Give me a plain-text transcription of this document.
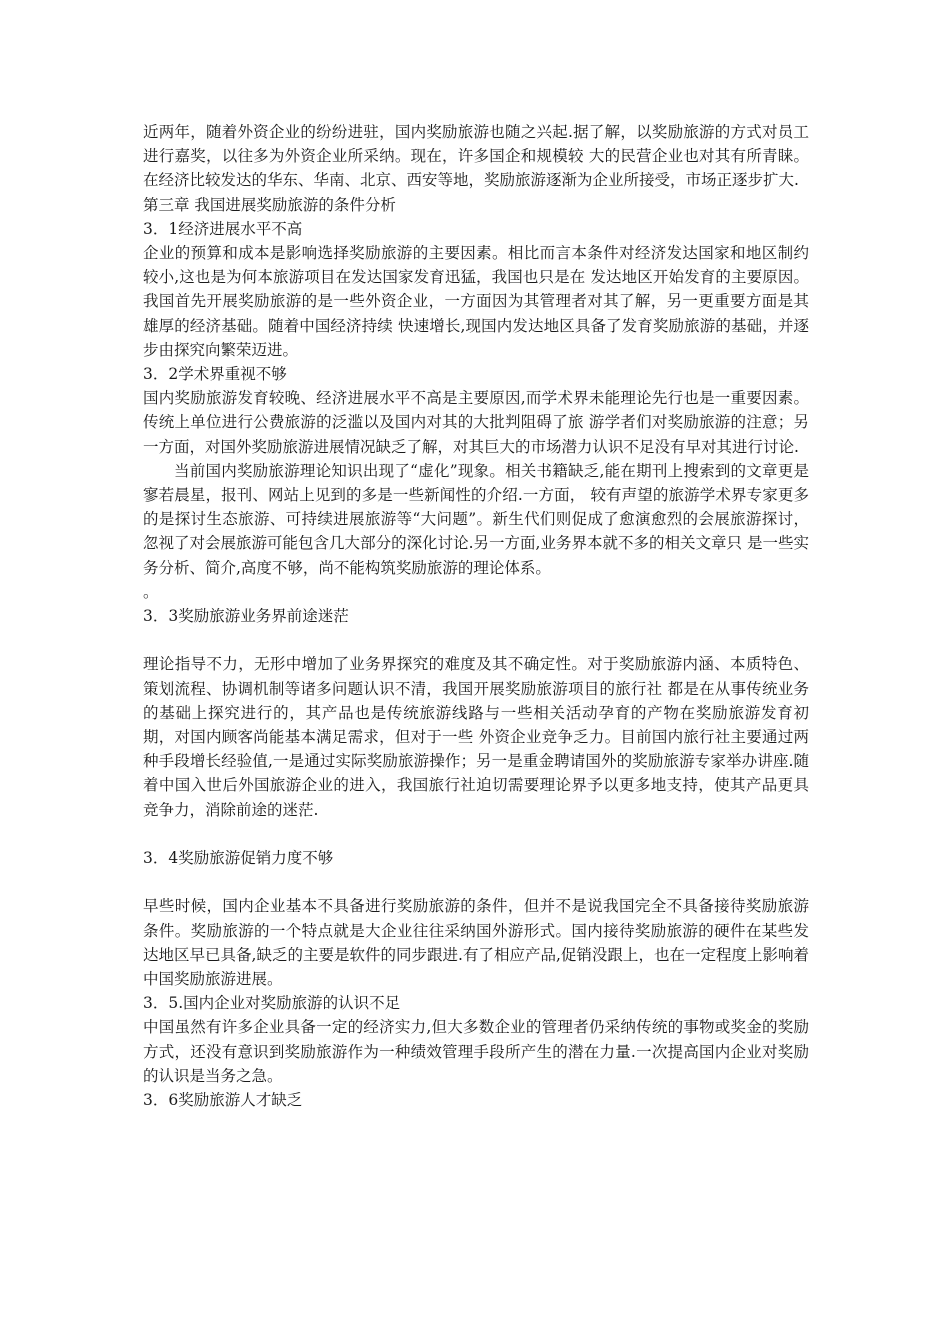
近两年，随着外资企业的纷纷进驻，国内奖励旅游也随之兴起.据了解，以奖励旅游的方式对员工进行嘉奖，以往多为外资企业所采纳。现在，许多国企和规模较 大的民营企业也对其有所青睐。在经济比较发达的华东、华南、北京、西安等地，奖励旅游逐渐为企业所接受，市场正逐步扩大.

第三章 我国进展奖励旅游的条件分析

3．1经济进展水平不高

企业的预算和成本是影响选择奖励旅游的主要因素。相比而言本条件对经济发达国家和地区制约较小,这也是为何本旅游项目在发达国家发育迅猛，我国也只是在 发达地区开始发育的主要原因。我国首先开展奖励旅游的是一些外资企业，一方面因为其管理者对其了解，另一更重要方面是其雄厚的经济基础。随着中国经济持续 快速增长,现国内发达地区具备了发育奖励旅游的基础，并逐步由探究向繁荣迈进。

3．2学术界重视不够

国内奖励旅游发育较晚、经济进展水平不高是主要原因,而学术界未能理论先行也是一重要因素。传统上单位进行公费旅游的泛滥以及国内对其的大批判阻碍了旅 游学者们对奖励旅游的注意；另一方面，对国外奖励旅游进展情况缺乏了解，对其巨大的市场潜力认识不足没有早对其进行讨论.

当前国内奖励旅游理论知识出现了“虚化”现象。相关书籍缺乏,能在期刊上搜索到的文章更是寥若晨星，报刊、网站上见到的多是一些新闻性的介绍.一方面， 较有声望的旅游学术界专家更多的是探讨生态旅游、可持续进展旅游等“大问题”。新生代们则促成了愈演愈烈的会展旅游探讨，忽视了对会展旅游可能包含几大部分的深化讨论.另一方面,业务界本就不多的相关文章只 是一些实务分析、简介,高度不够，尚不能构筑奖励旅游的理论体系。

。

3．3奖励旅游业务界前途迷茫

理论指导不力，无形中增加了业务界探究的难度及其不确定性。对于奖励旅游内涵、本质特色、策划流程、协调机制等诸多问题认识不清，我国开展奖励旅游项目的旅行社 都是在从事传统业务的基础上探究进行的，其产品也是传统旅游线路与一些相关活动孕育的产物在奖励旅游发育初期，对国内顾客尚能基本满足需求，但对于一些 外资企业竞争乏力。目前国内旅行社主要通过两种手段增长经验值,一是通过实际奖励旅游操作；另一是重金聘请国外的奖励旅游专家举办讲座.随着中国入世后外国旅游企业的进入，我国旅行社迫切需要理论界予以更多地支持，使其产品更具竞争力，消除前途的迷茫.

3．4奖励旅游促销力度不够

早些时候，国内企业基本不具备进行奖励旅游的条件，但并不是说我国完全不具备接待奖励旅游条件。奖励旅游的一个特点就是大企业往往采纳国外游形式。国内接待奖励旅游的硬件在某些发达地区早已具备,缺乏的主要是软件的同步跟进.有了相应产品,促销没跟上，也在一定程度上影响着中国奖励旅游进展。

3．5.国内企业对奖励旅游的认识不足

中国虽然有许多企业具备一定的经济实力,但大多数企业的管理者仍采纳传统的事物或奖金的奖励方式，还没有意识到奖励旅游作为一种绩效管理手段所产生的潜在力量.一次提高国内企业对奖励的认识是当务之急。

3．6奖励旅游人才缺乏
